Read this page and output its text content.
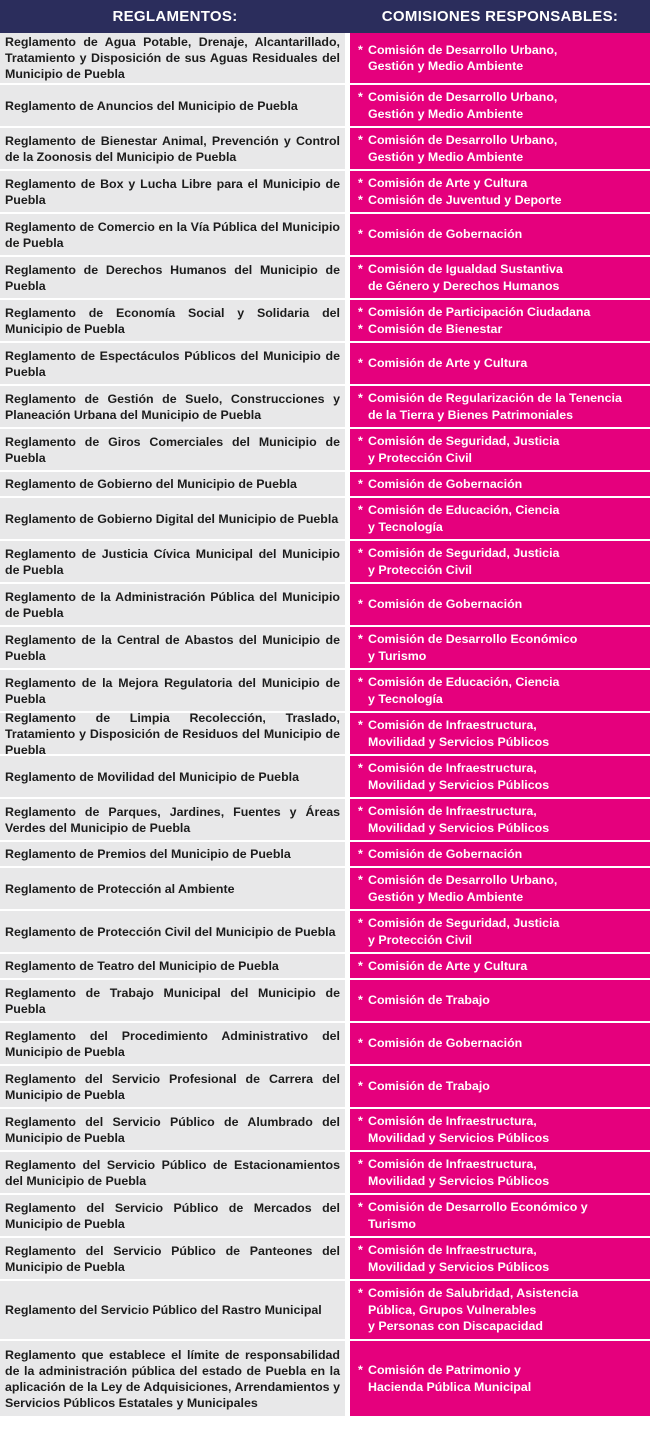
REGLAMENTOS:	COMISIONES RESPONSABLES:
Reglamento de Agua Potable, Drenaje, Alcantarillado, Tratamiento y Disposición de sus Aguas Residuales del Municipio de Puebla
* Comisión de Desarrollo Urbano,
Gestión y Medio Ambiente
Reglamento de Anuncios del Municipio de Puebla
* Comisión de Desarrollo Urbano,
Gestión y Medio Ambiente
Reglamento de Bienestar Animal, Prevención y Control de la Zoonosis del Municipio de Puebla
* Comisión de Desarrollo Urbano,
Gestión y Medio Ambiente
Reglamento de Box y Lucha Libre para el Municipio de Puebla
* Comisión de Arte y Cultura
* Comisión de Juventud y Deporte
Reglamento de Comercio en la Vía Pública del Municipio de Puebla
* Comisión de Gobernación
Reglamento de Derechos Humanos del Municipio de Puebla
* Comisión de Igualdad Sustantiva
de Género y Derechos Humanos
Reglamento de Economía Social y Solidaria del Municipio de Puebla
* Comisión de Participación Ciudadana
* Comisión de Bienestar
Reglamento de Espectáculos Públicos del Municipio de Puebla
* Comisión de Arte y Cultura
Reglamento de Gestión de Suelo, Construcciones y Planeación Urbana del Municipio de Puebla
* Comisión de Regularización de la Tenencia
de la Tierra y Bienes Patrimoniales
Reglamento de Giros Comerciales del Municipio de Puebla
* Comisión de Seguridad, Justicia
y Protección Civil
Reglamento de Gobierno del Municipio de Puebla	* Comisión de Gobernación
Reglamento de Gobierno Digital del Municipio de Puebla
* Comisión de Educación, Ciencia
y Tecnología
Reglamento de Justicia Cívica Municipal del Municipio de Puebla
* Comisión de Seguridad, Justicia
y Protección Civil
Reglamento de la Administración Pública del Municipio de Puebla
* Comisión de Gobernación
Reglamento de la Central de Abastos del Municipio de Puebla
* Comisión de Desarrollo Económico
y Turismo
Reglamento de la Mejora Regulatoria del Municipio de Puebla
* Comisión de Educación, Ciencia
y Tecnología
Reglamento de Limpia Recolección, Traslado, Tratamiento y Disposición de Residuos del Municipio de Puebla
* Comisión de Infraestructura,
Movilidad y Servicios Públicos
Reglamento de Movilidad del Municipio de Puebla
* Comisión de Infraestructura,
Movilidad y Servicios Públicos
Reglamento de Parques, Jardines, Fuentes y Áreas Verdes del Municipio de Puebla
* Comisión de Infraestructura,
Movilidad y Servicios Públicos
Reglamento de Premios del Municipio de Puebla	* Comisión de Gobernación
Reglamento de Protección al Ambiente
* Comisión de Desarrollo Urbano,
Gestión y Medio Ambiente
Reglamento de Protección Civil del Municipio de Puebla
* Comisión de Seguridad, Justicia
y Protección Civil
Reglamento de Teatro del Municipio de Puebla	* Comisión de Arte y Cultura
Reglamento de Trabajo Municipal del Municipio de Puebla
* Comisión de Trabajo
Reglamento del Procedimiento Administrativo del Municipio de Puebla
* Comisión de Gobernación
Reglamento del Servicio Profesional de Carrera del Municipio de Puebla
* Comisión de Trabajo
Reglamento del Servicio Público de Alumbrado del Municipio de Puebla
* Comisión de Infraestructura,
Movilidad y Servicios Públicos
Reglamento del Servicio Público de Estacionamientos del Municipio de Puebla
* Comisión de Infraestructura,
Movilidad y Servicios Públicos
Reglamento del Servicio Público de Mercados del Municipio de Puebla
* Comisión de Desarrollo Económico y
Turismo
Reglamento del Servicio Público de Panteones del Municipio de Puebla
* Comisión de Infraestructura,
Movilidad y Servicios Públicos
Reglamento del Servicio Público del Rastro Municipal
* Comisión de Salubridad, Asistencia
Pública, Grupos Vulnerables
y Personas con Discapacidad
Reglamento que establece el límite de responsabilidad de la administración pública del estado de Puebla en la aplicación de la Ley de Adquisiciones, Arrendamientos y Servicios Públicos Estatales y Municipales
* Comisión de Patrimonio y
Hacienda Pública Municipal
